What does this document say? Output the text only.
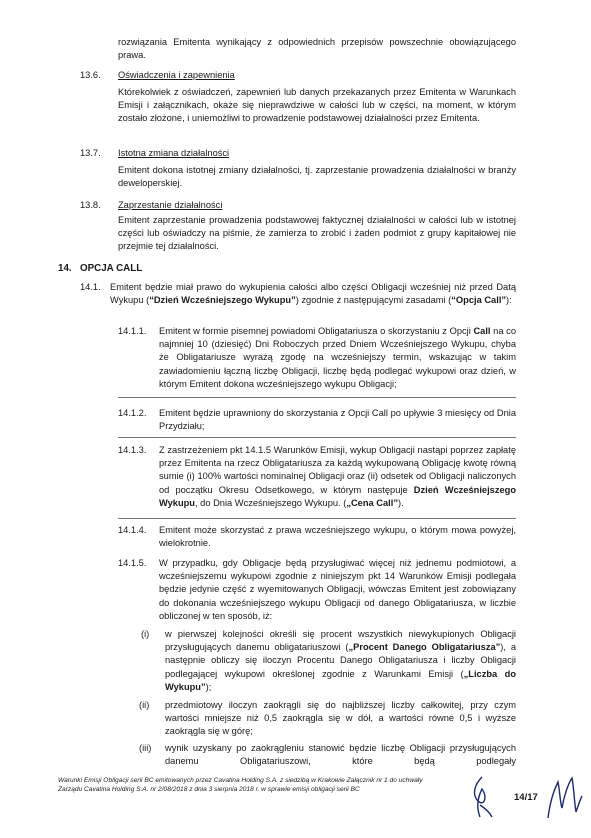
rozwiązania Emitenta wynikający z odpowiednich przepisów powszechnie obowiązującego prawa.

13.6. Oświadczenia i zapewnienia

Którekolwiek z oświadczeń, zapewnień lub danych przekazanych przez Emitenta w Warunkach Emisji i załącznikach, okaże się nieprawdziwe w całości lub w części, na moment, w którym zostało złożone, i uniemożliwi to prowadzenie podstawowej działalności przez Emitenta.

13.7. Istotna zmiana działalności

Emitent dokona istotnej zmiany działalności, tj. zaprzestanie prowadzenia działalności w branży deweloperskiej.

13.8. Zaprzestanie działalności

Emitent zaprzestanie prowadzenia podstawowej faktycznej działalności w całości lub w istotnej części lub oświadczy na piśmie, że zamierza to zrobić i żaden podmiot z grupy kapitałowej nie przejmie tej działalności.

14. OPCJA CALL
14.1. Emitent będzie miał prawo do wykupienia całości albo części Obligacji wcześniej niż przed Datą Wykupu (“Dzień Wcześniejszego Wykupu”) zgodnie z następującymi zasadami (“Opcja Call”):

14.1.1. Emitent w formie pisemnej powiadomi Obligatariusza o skorzystaniu z Opcji Call na co najmniej 10 (dziesięć) Dni Roboczych przed Dniem Wcześniejszego Wykupu, chyba że Obligatariusze wyrażą zgodę na wcześniejszy termin, wskazując w takim zawiadomieniu łączną liczbę Obligacji, liczbę będą podlegać wykupowi oraz dzień, w którym Emitent dokona wcześniejszego wykupu Obligacji;

14.1.2. Emitent będzie uprawniony do skorzystania z Opcji Call po upływie 3 miesięcy od Dnia Przydziału;

14.1.3. Z zastrzeżeniem pkt 14.1.5 Warunków Emisji, wykup Obligacji nastąpi poprzez zapłatę przez Emitenta na rzecz Obligatariusza za każdą wykupowaną Obligację kwotę równą sumie (i) 100% wartości nominalnej Obligacji oraz (ii) odsetek od Obligacji naliczonych od początku Okresu Odsetkowego, w którym następuje Dzień Wcześniejszego Wykupu, do Dnia Wcześniejszego Wykupu. („Cena Call”).

14.1.4. Emitent może skorzystać z prawa wcześniejszego wykupu, o którym mowa powyżej, wielokrotnie.

14.1.5. W przypadku, gdy Obligacje będą przysługiwać więcej niż jednemu podmiotowi, a wcześniejszemu wykupowi zgodnie z niniejszym pkt 14 Warunków Emisji podlegała będzie jedynie część z wyemitowanych Obligacji, wówczas Emitent jest zobowiązany do dokonania wcześniejszego wykupu Obligacji od danego Obligatariusza, w liczbie obliczonej w ten sposób, iż:

(i) w pierwszej kolejności określi się procent wszystkich niewykupionych Obligacji przysługujących danemu obligatariuszowi („Procent Danego Obligatariusza”), a następnie obliczy się iloczyn Procentu Danego Obligatariusza i liczby Obligacji podlegającej wykupowi określonej zgodnie z Warunkami Emisji („Liczba do Wykupu”);

(ii) przedmiotowy iloczyn zaokrągli się do najbliższej liczby całkowitej, przy czym wartości mniejsze niż 0,5 zaokrągla się w dół, a wartości równe 0,5 i wyższe zaokrągla się w górę;

(iii) wynik uzyskany po zaokrągleniu stanowić będzie liczbę Obligacji przysługujących danemu Obligatariuszowi, które będą podlegały

Warunki Emisji Obligacji serii BC emitowanych przez Cavatina Holding S.A. z siedzibą w Krakowie Załącznik nr 1 do uchwały Zarządu Cavatina Holding S.A. nr 2/08/2018 z dnia 3 sierpnia 2018 r. w sprawie emisji obligacji serii BC
14/17
